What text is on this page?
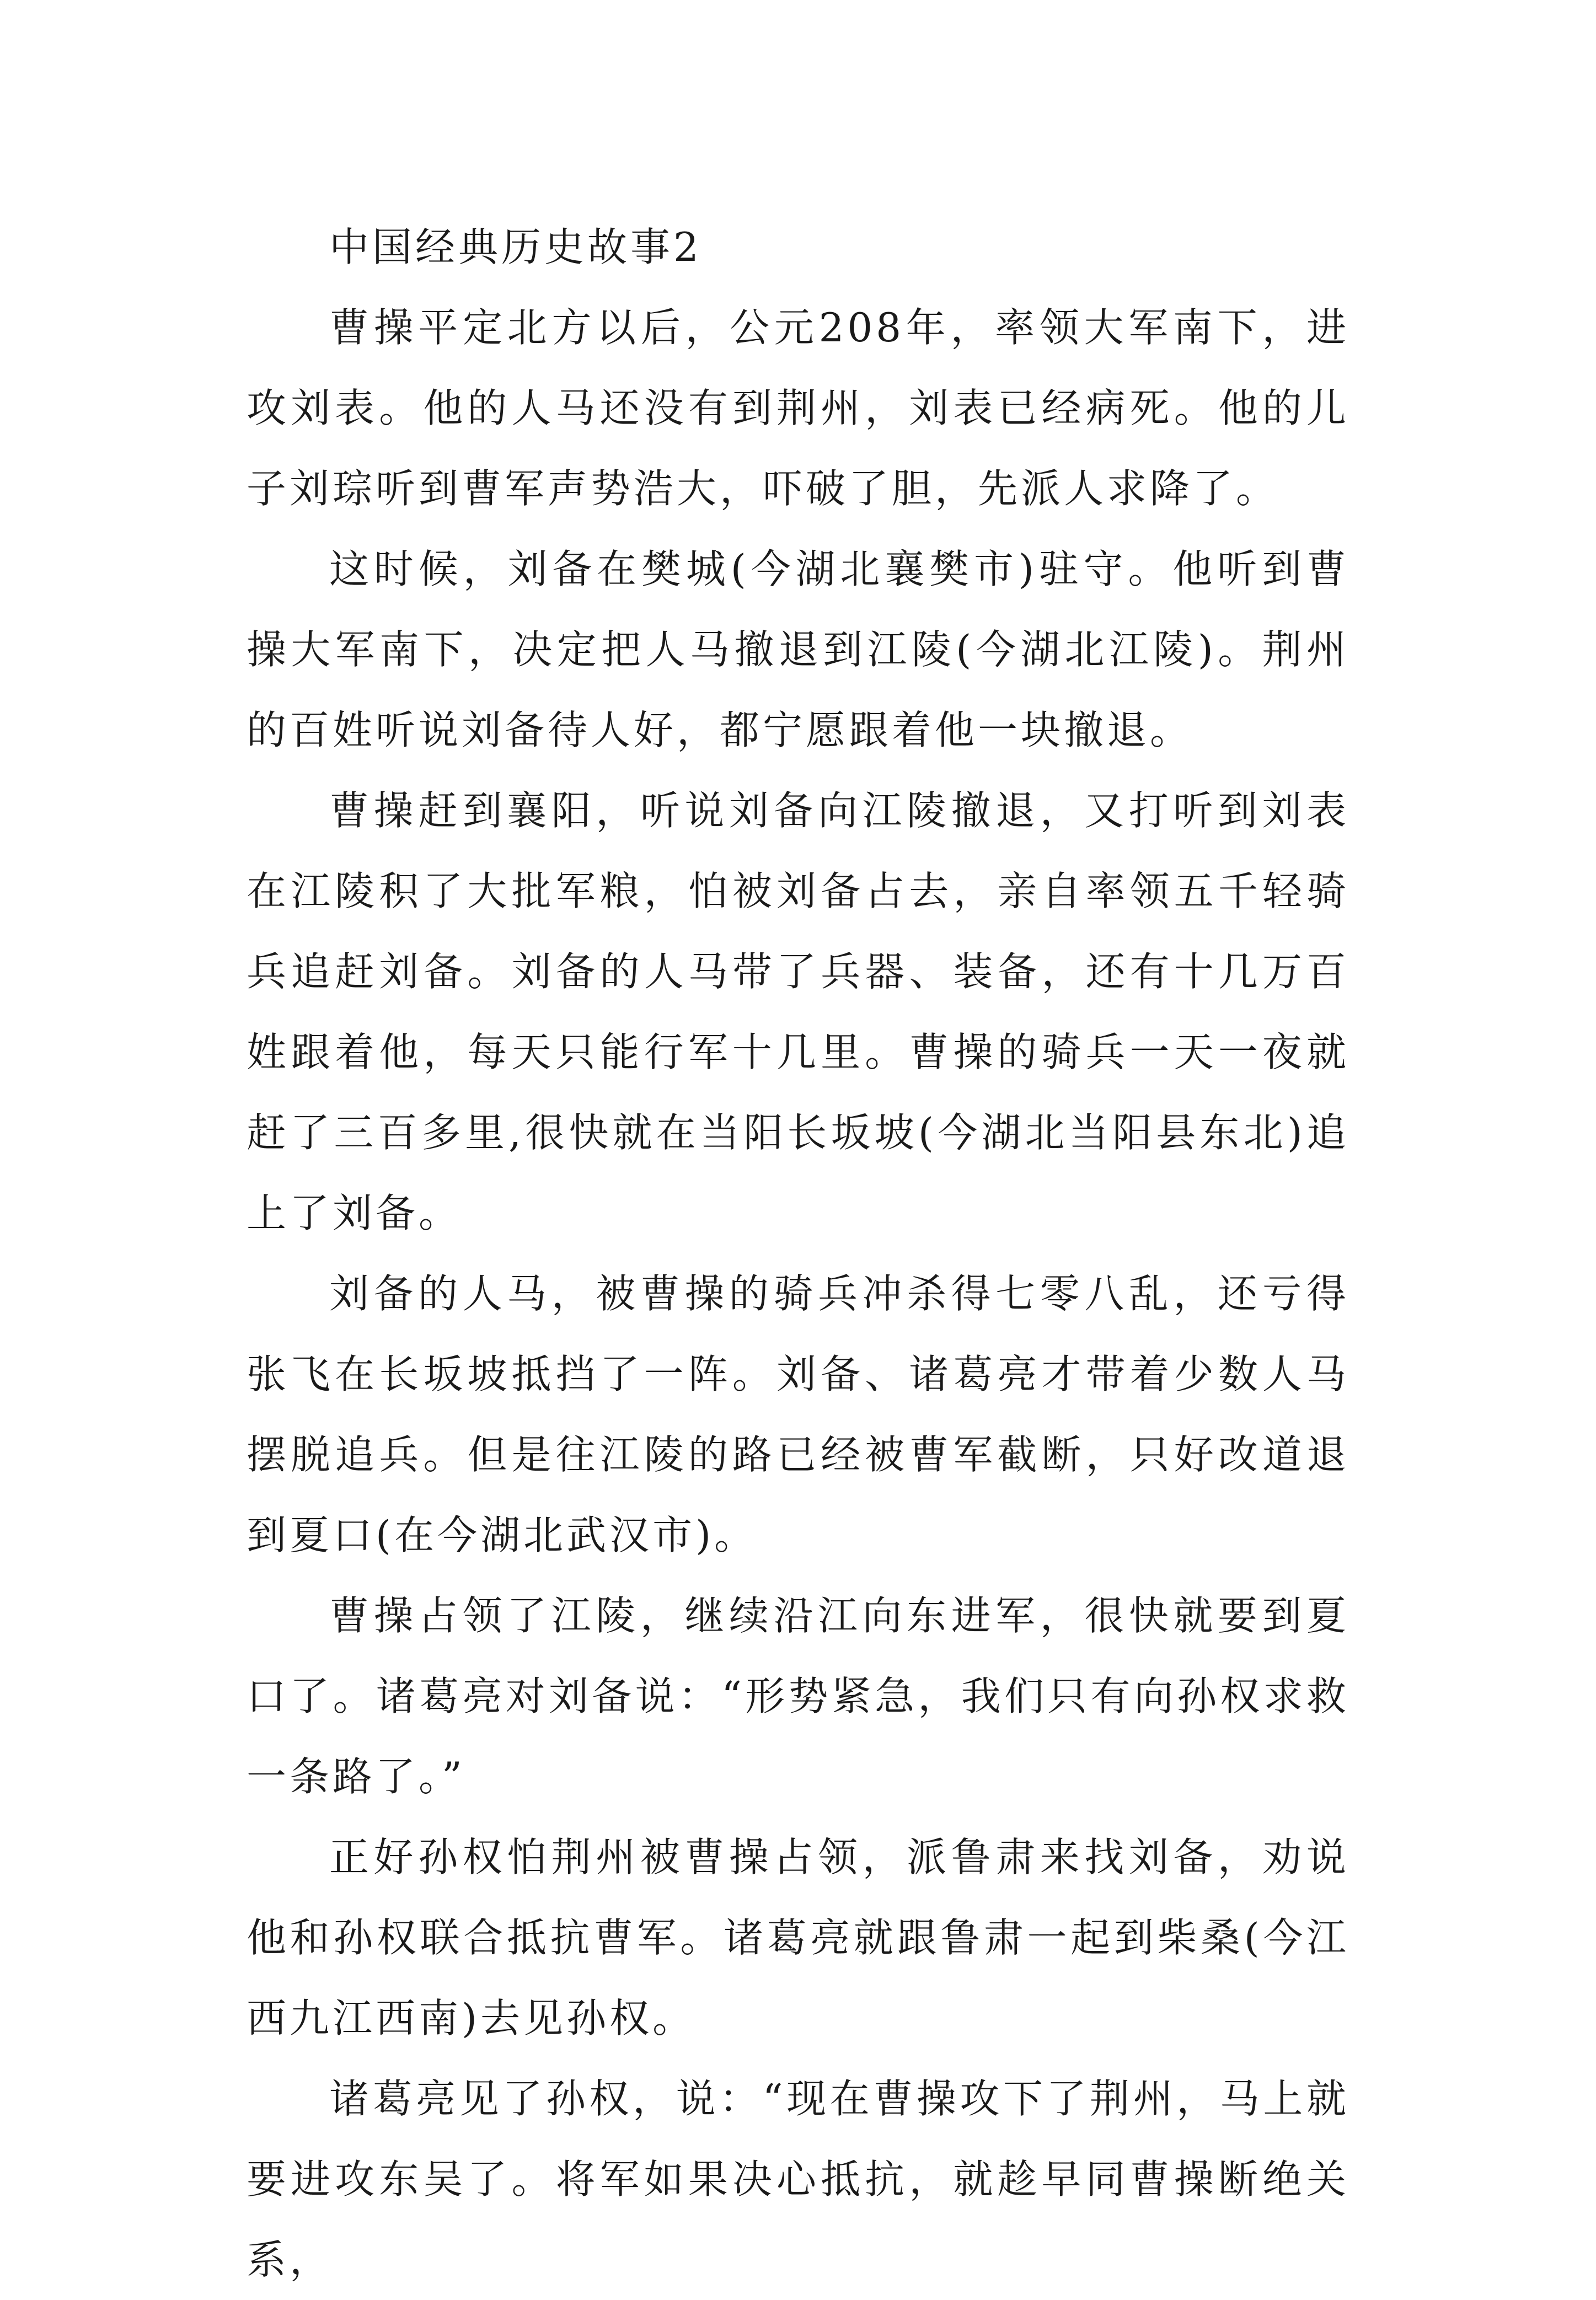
中国经典历史故事2

曹操平定北方以后，公元208年，率领大军南下，进攻刘表。他的人马还没有到荆州，刘表已经病死。他的儿子刘琮听到曹军声势浩大，吓破了胆，先派人求降了。

这时候，刘备在樊城(今湖北襄樊市)驻守。他听到曹操大军南下，决定把人马撤退到江陵(今湖北江陵)。荆州的百姓听说刘备待人好，都宁愿跟着他一块撤退。

曹操赶到襄阳，听说刘备向江陵撤退，又打听到刘表在江陵积了大批军粮，怕被刘备占去，亲自率领五千轻骑兵追赶刘备。刘备的人马带了兵器、装备，还有十几万百姓跟着他，每天只能行军十几里。曹操的骑兵一天一夜就赶了三百多里,很快就在当阳长坂坡(今湖北当阳县东北)追上了刘备。

刘备的人马，被曹操的骑兵冲杀得七零八乱，还亏得张飞在长坂坡抵挡了一阵。刘备、诸葛亮才带着少数人马摆脱追兵。但是往江陵的路已经被曹军截断，只好改道退到夏口(在今湖北武汉市)。

曹操占领了江陵，继续沿江向东进军，很快就要到夏口了。诸葛亮对刘备说：“形势紧急，我们只有向孙权求救一条路了。”

正好孙权怕荆州被曹操占领，派鲁肃来找刘备，劝说他和孙权联合抵抗曹军。诸葛亮就跟鲁肃一起到柴桑(今江西九江西南)去见孙权。

诸葛亮见了孙权，说：“现在曹操攻下了荆州，马上就要进攻东吴了。将军如果决心抵抗，就趁早同曹操断绝关系，
